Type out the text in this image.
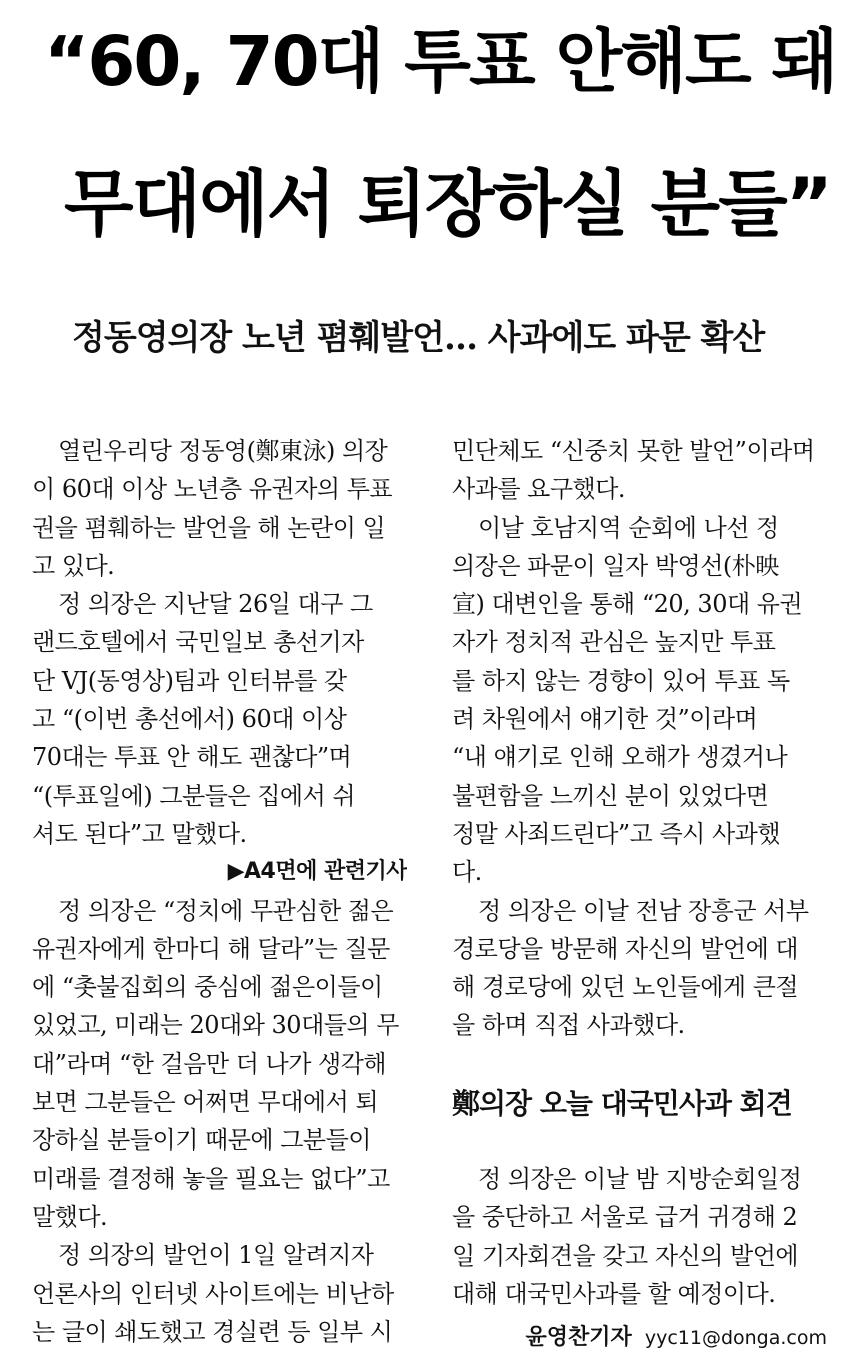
“60, 70대 투표 안해도 돼
무대에서 퇴장하실 분들”
정동영의장 노년 폄훼발언… 사과에도 파문 확산
열린우리당 정동영(鄭東泳) 의장
이 60대 이상 노년층 유권자의 투표
권을 폄훼하는 발언을 해 논란이 일
고 있다.
정 의장은 지난달 26일 대구 그
랜드호텔에서 국민일보 총선기자
단 VJ(동영상)팀과 인터뷰를 갖
고 “(이번 총선에서) 60대 이상
70대는 투표 안 해도 괜찮다”며
“(투표일에) 그분들은 집에서 쉬
셔도 된다”고 말했다.
▶A4면에 관련기사
정 의장은 “정치에 무관심한 젊은
유권자에게 한마디 해 달라”는 질문
에 “촛불집회의 중심에 젊은이들이
있었고, 미래는 20대와 30대들의 무
대”라며 “한 걸음만 더 나가 생각해
보면 그분들은 어쩌면 무대에서 퇴
장하실 분들이기 때문에 그분들이
미래를 결정해 놓을 필요는 없다”고
말했다.
정 의장의 발언이 1일 알려지자
언론사의 인터넷 사이트에는 비난하
는 글이 쇄도했고 경실련 등 일부 시
민단체도 “신중치 못한 발언”이라며
사과를 요구했다.
이날 호남지역 순회에 나선 정
의장은 파문이 일자 박영선(朴映
宣) 대변인을 통해 “20, 30대 유권
자가 정치적 관심은 높지만 투표
를 하지 않는 경향이 있어 투표 독
려 차원에서 얘기한 것”이라며
“내 얘기로 인해 오해가 생겼거나
불편함을 느끼신 분이 있었다면
정말 사죄드린다”고 즉시 사과했
다.
정 의장은 이날 전남 장흥군 서부
경로당을 방문해 자신의 발언에 대
해 경로당에 있던 노인들에게 큰절
을 하며 직접 사과했다.
鄭의장 오늘 대국민사과 회견
정 의장은 이날 밤 지방순회일정
을 중단하고 서울로 급거 귀경해 2
일 기자회견을 갖고 자신의 발언에
대해 대국민사과를 할 예정이다.
윤영찬기자 yyc11@donga.com
